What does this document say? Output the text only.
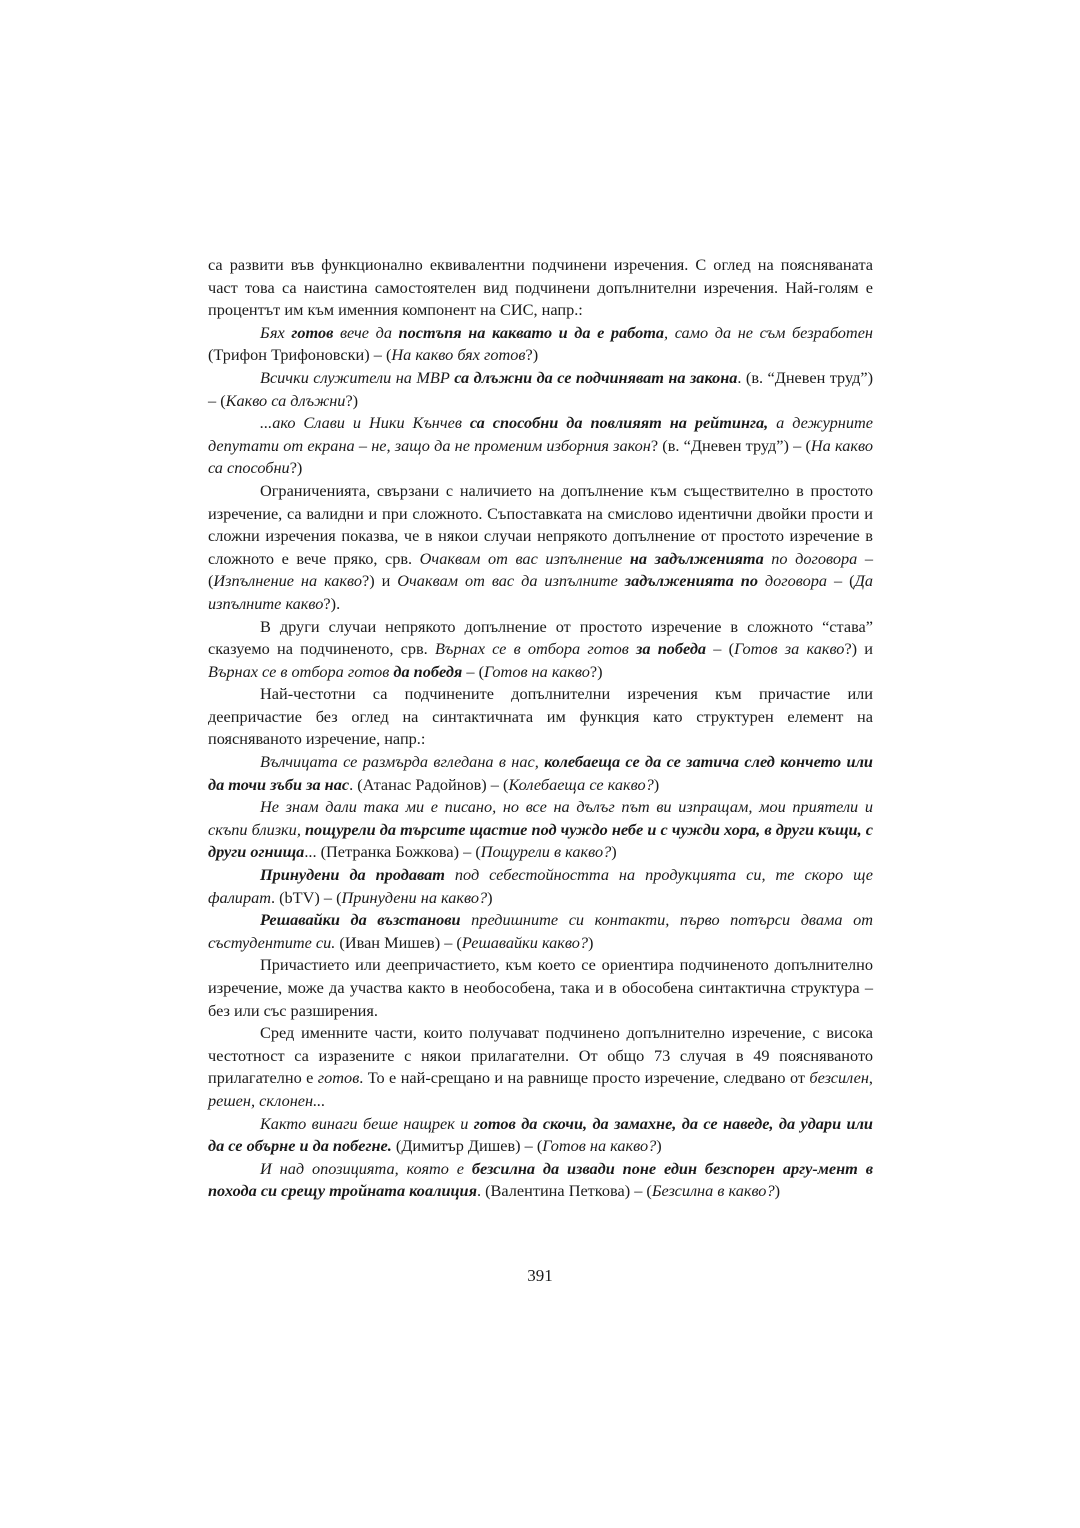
са развити във функционално еквивалентни подчинени изречения. С оглед на поясняваната част това са наистина самостоятелен вид подчинени допълнителни изречения. Най-голям е процентът им към именния компонент на СИС, напр.:

Бях готов вече да постъпя на каквато и да е работа, само да не съм безработен (Трифон Трифоновски) – (На какво бях готов?)

Всички служители на МВР са длъжни да се подчиняват на закона. (в. “Дневен труд”) – (Какво са длъжни?)

...ако Слави и Ники Кънчев са способни да повлияят на рейтинга, а дежурните депутати от екрана – не, защо да не променим изборния закон? (в. “Дневен труд”) – (На какво са способни?)

Ограниченията, свързани с наличието на допълнение към съществително в простото изречение, са валидни и при сложното. Съпоставката на смислово идентични двойки прости и сложни изречения показва, че в някои случаи непрякото допълнение от простото изречение в сложното е вече пряко, срв. Очаквам от вас изпълнение на задълженията по договора – (Изпълнение на какво?) и Очаквам от вас да изпълните задълженията по договора – (Да изпълните какво?).

В други случаи непрякото допълнение от простото изречение в сложното “става” сказуемо на подчиненото, срв. Върнах се в отбора готов за победа – (Готов за какво?) и Върнах се в отбора готов да победя – (Готов на какво?)

Най-честотни са подчинените допълнителни изречения към причастие или деепричастие без оглед на синтактичната им функция като структурен елемент на поясняваното изречение, напр.:

Вълчицата се размърда вгледана в нас, колебаеща се да се затича след кончето или да точи зъби за нас. (Атанас Радойнов) – (Колебаеща се какво?)

Не знам дали така ми е писано, но все на дълъг път ви изпращам, мои приятели и скъпи близки, пощурели да търсите щастие под чуждо небе и с чужди хора, в други къщи, с други огнища... (Петранка Божкова) – (Пощурели в какво?)

Принудени да продават под себестойността на продукцията си, те скоро ще фалират. (bTV) – (Принудени на какво?)

Решавайки да възстанови предишните си контакти, първо потърси двама от състудентите си. (Иван Мишев) – (Решавайки какво?)

Причастието или деепричастието, към което се ориентира подчиненото допълнително изречение, може да участва както в необособена, така и в обособена синтактична структура – без или със разширения.

Сред именните части, които получават подчинено допълнително изречение, с висока честотност са изразените с някои прилагателни. От общо 73 случая в 49 поясняваното прилагателно е готов. То е най-срещано и на равнище просто изречение, следвано от безсилен, решен, склонен...

Както винаги беше нащрек и готов да скочи, да замахне, да се наведе, да удари или да се обърне и да побегне. (Димитър Дишев) – (Готов на какво?)

И над опозицията, която е безсилна да извади поне един безспорен аргу-мент в похода си срещу тройната коалиция. (Валентина Петкова) – (Безсилна в какво?)

391
